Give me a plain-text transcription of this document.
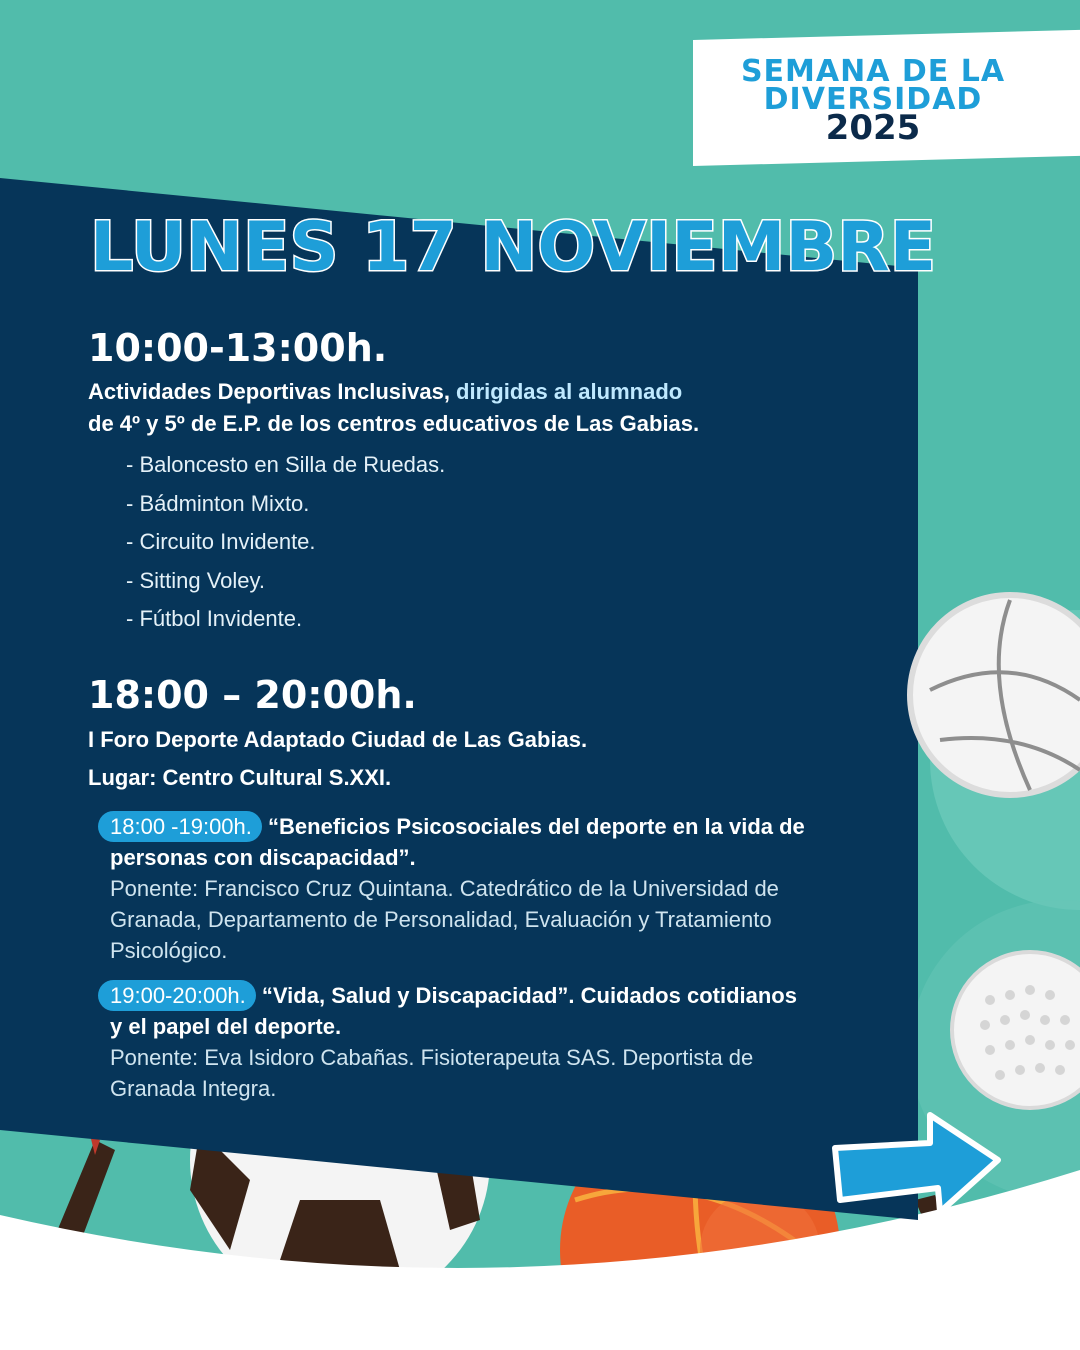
SEMANA DE LA
DIVERSIDAD
2025
LUNES 17 NOVIEMBRE

10:00-13:00h.

Actividades Deportivas Inclusivas, dirigidas al alumnado
de 4º y 5º de E.P. de los centros educativos de Las Gabias.
- Baloncesto en Silla de Ruedas.
- Bádminton Mixto.
- Circuito Invidente.
- Sitting Voley.
- Fútbol Invidente.

18:00 – 20:00h.

I Foro Deporte Adaptado Ciudad de Las Gabias.

Lugar: Centro Cultural S.XXI.

18:00 -19:00h. “Beneficios Psicosociales del deporte en la vida de personas con discapacidad”.
Ponente: Francisco Cruz Quintana. Catedrático de la Universidad de Granada, Departamento de Personalidad, Evaluación y Tratamiento Psicológico.
19:00-20:00h. “Vida, Salud y Discapacidad”. Cuidados cotidianos y el papel del deporte.
Ponente: Eva Isidoro Cabañas. Fisioterapeuta SAS. Deportista de Granada Integra.
